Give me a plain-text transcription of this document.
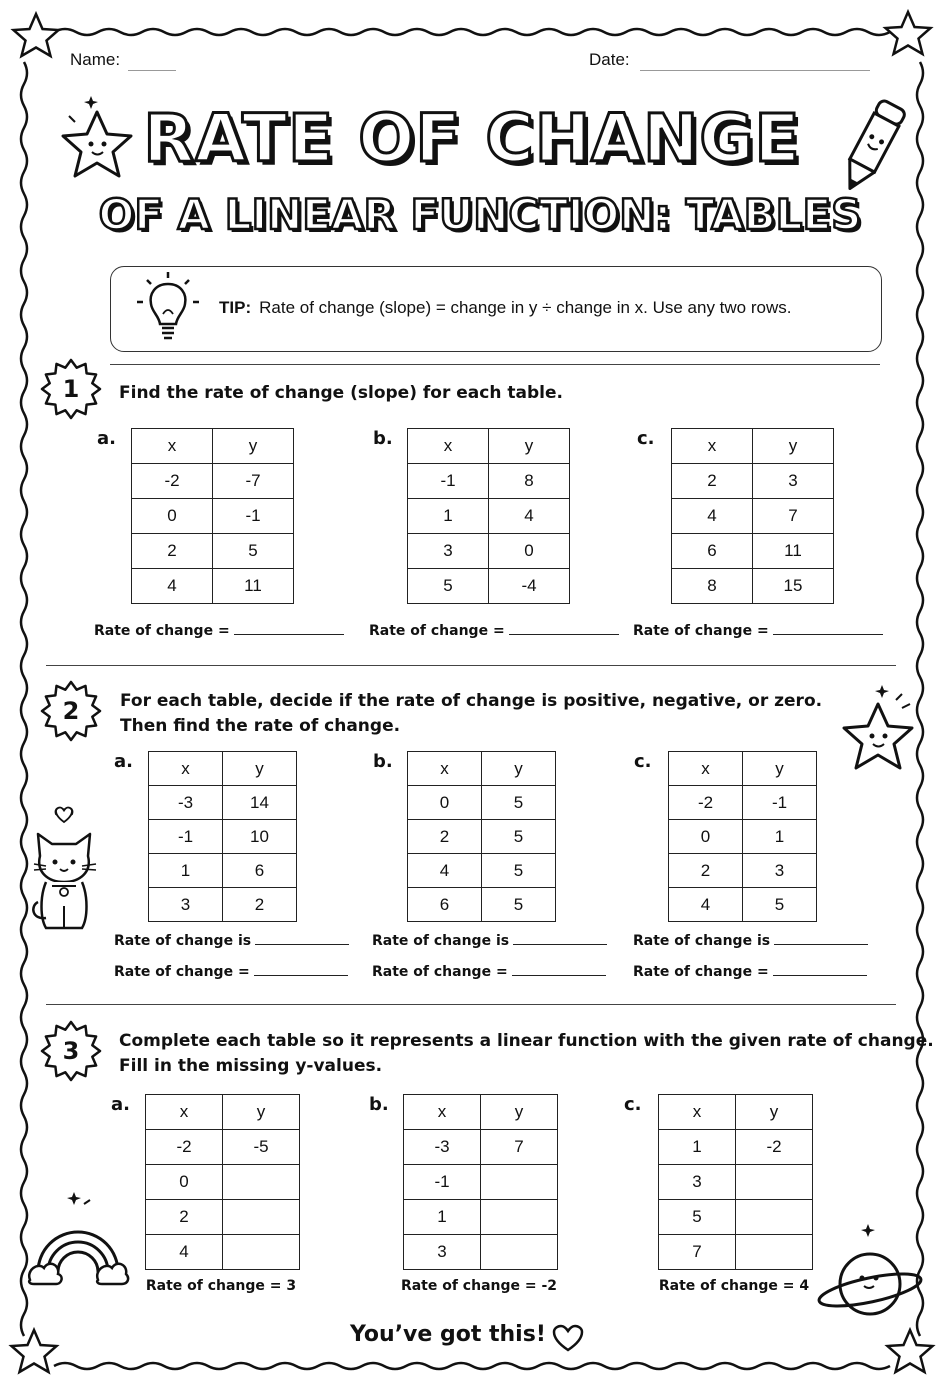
Name:	Date:
RATE OF CHANGE
OF A LINEAR FUNCTION: TABLES
TIP: Rate of change (slope) = change in y ÷ change in x. Use any two rows.
1	Find the rate of change (slope) for each table.
a.	x	y
-2	-7
0	-1
2	5
4	11
b.	x	y
-1	8
1	4
3	0
5	-4
c.	x	y
2	3
4	7
6	11
8	15
Rate of change =	Rate of change =	Rate of change =
2	For each table, decide if the rate of change is positive, negative, or zero.
Then find the rate of change.
a.	x	y
-3	14
-1	10
1	6
3	2
b.	x	y
0	5
2	5
4	5
6	5
c.	x	y
-2	-1
0	1
2	3
4	5
Rate of change is	Rate of change is	Rate of change is
Rate of change =	Rate of change =	Rate of change =
3	Complete each table so it represents a linear function with the given rate of change.
Fill in the missing y-values.
a.	x	y
-2	-5
0	
2	
4	
Rate of change = 3
b.	x	y
-3	7
-1	
1	
3	
Rate of change = -2
c.	x	y
1	-2
3	
5	
7	
Rate of change = 4
You’ve got this!
